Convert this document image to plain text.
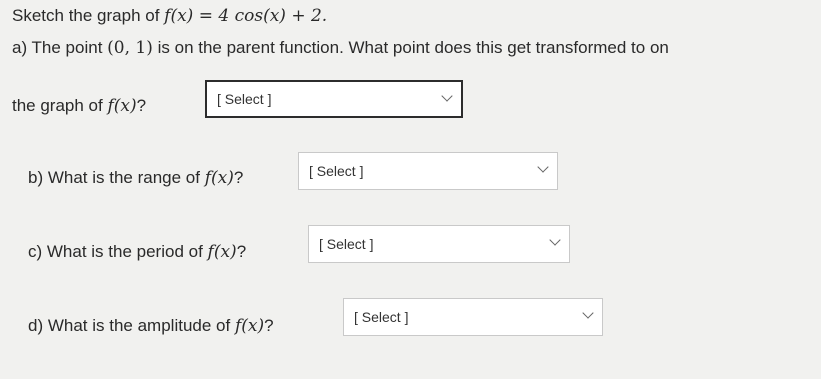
Sketch the graph of f(x) = 4 cos(x) + 2.
a) The point (0, 1) is on the parent function. What point does this get transformed to on
the graph of f(x)?	[ Select ]
b) What is the range of f(x)?	[ Select ]
c) What is the period of f(x)?	[ Select ]
d) What is the amplitude of f(x)?	[ Select ]
